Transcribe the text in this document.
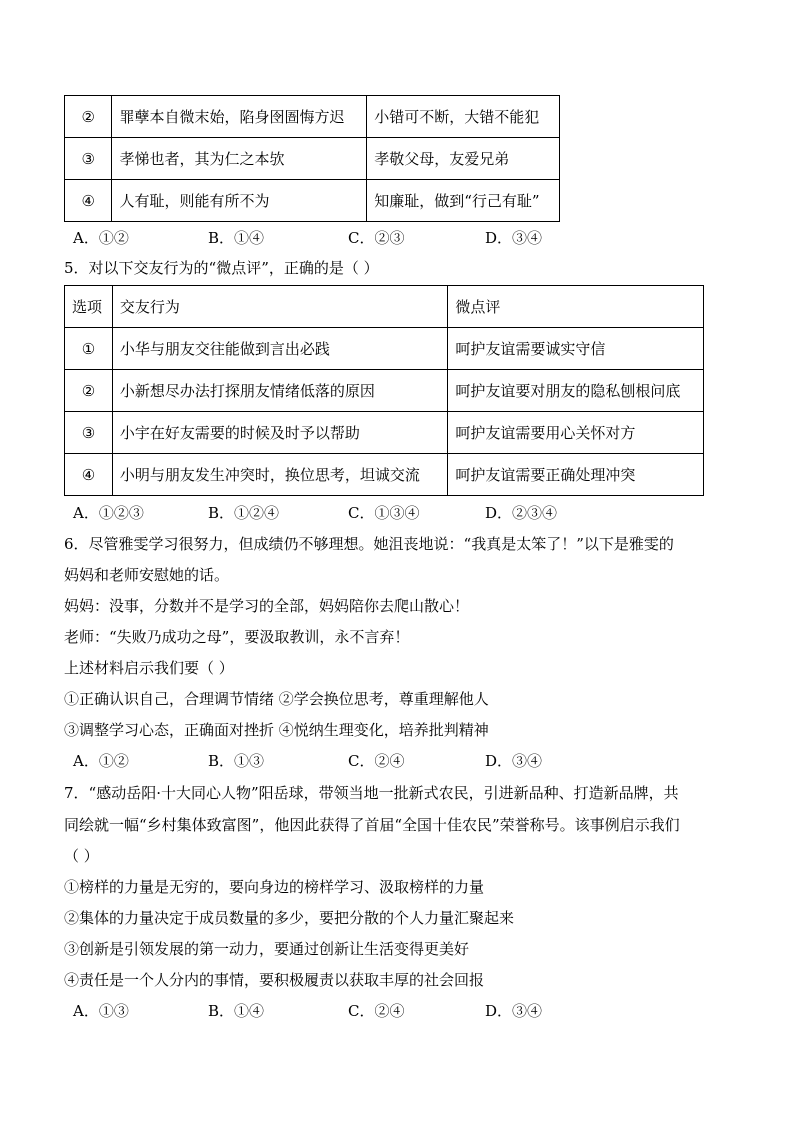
②	罪孽本自微末始，陷身囹圄悔方迟	小错可不断，大错不能犯
③	孝悌也者，其为仁之本欤	孝敬父母，友爱兄弟
④	人有耻，则能有所不为	知廉耻，做到“行己有耻”
A．①②	B．①④	C．②③	D．③④
5．对以下交友行为的“微点评”，正确的是（ ）
选项	交友行为	微点评
①	小华与朋友交往能做到言出必践	呵护友谊需要诚实守信
②	小新想尽办法打探朋友情绪低落的原因	呵护友谊要对朋友的隐私刨根问底
③	小宇在好友需要的时候及时予以帮助	呵护友谊需要用心关怀对方
④	小明与朋友发生冲突时，换位思考，坦诚交流	呵护友谊需要正确处理冲突
A．①②③	B．①②④	C．①③④	D．②③④
6．尽管雅雯学习很努力，但成绩仍不够理想。她沮丧地说：“我真是太笨了！”以下是雅雯的
妈妈和老师安慰她的话。
妈妈：没事，分数并不是学习的全部，妈妈陪你去爬山散心！
老师：“失败乃成功之母”，要汲取教训，永不言弃！
上述材料启示我们要（ ）
①正确认识自己，合理调节情绪 ②学会换位思考，尊重理解他人
③调整学习心态，正确面对挫折 ④悦纳生理变化，培养批判精神
A．①②	B．①③	C．②④	D．③④
7．“感动岳阳·十大同心人物”阳岳球，带领当地一批新式农民，引进新品种、打造新品牌，共
同绘就一幅“乡村集体致富图”，他因此获得了首届“全国十佳农民”荣誉称号。该事例启示我们
（ ）
①榜样的力量是无穷的，要向身边的榜样学习、汲取榜样的力量
②集体的力量决定于成员数量的多少，要把分散的个人力量汇聚起来
③创新是引领发展的第一动力，要通过创新让生活变得更美好
④责任是一个人分内的事情，要积极履责以获取丰厚的社会回报
A．①③	B．①④	C．②④	D．③④
